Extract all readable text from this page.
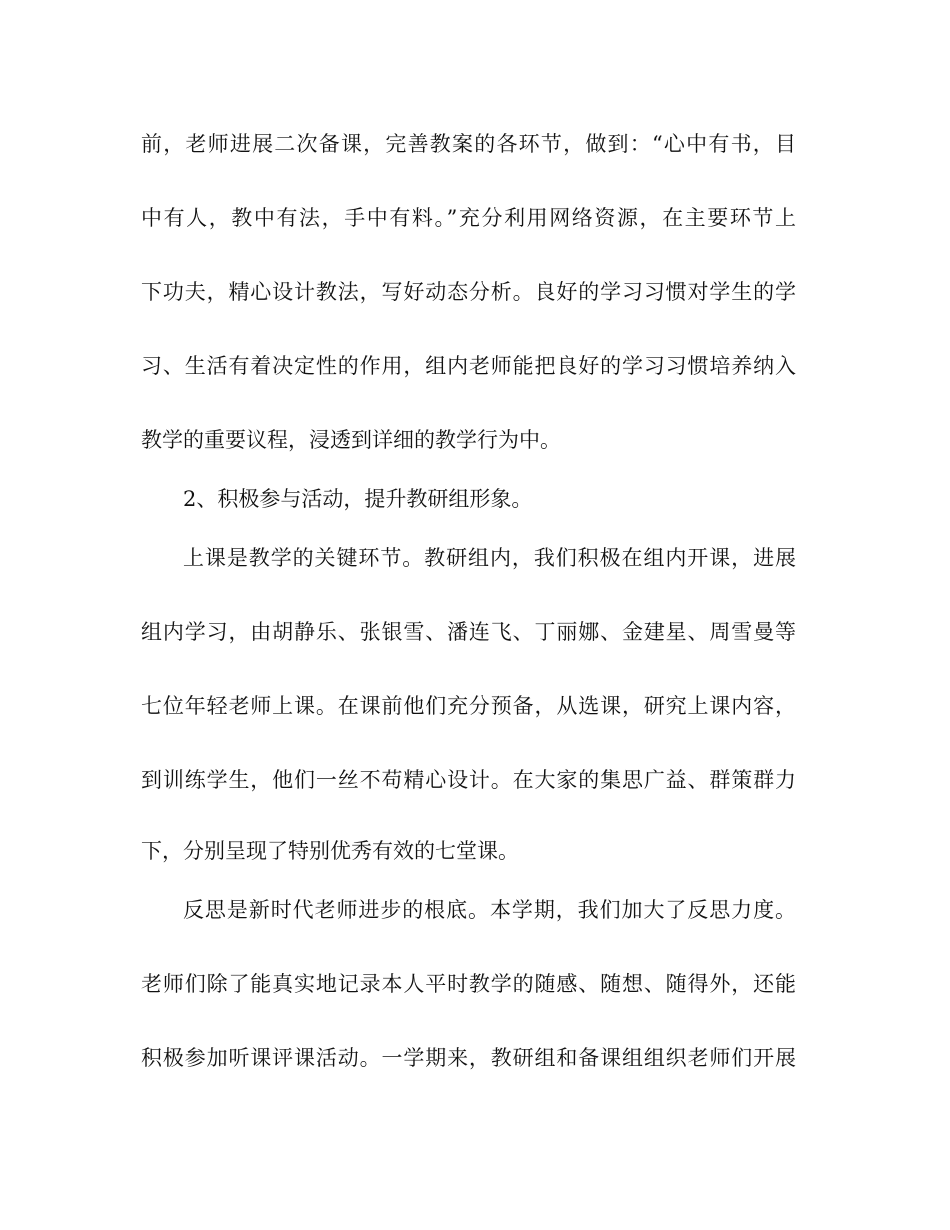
前，老师进展二次备课，完善教案的各环节，做到：“心中有书，目
中有人，教中有法，手中有料。”充分利用网络资源，在主要环节上
下功夫，精心设计教法，写好动态分析。良好的学习习惯对学生的学
习、生活有着决定性的作用，组内老师能把良好的学习习惯培养纳入
教学的重要议程，浸透到详细的教学行为中。
2、积极参与活动，提升教研组形象。
上课是教学的关键环节。教研组内，我们积极在组内开课，进展
组内学习，由胡静乐、张银雪、潘连飞、丁丽娜、金建星、周雪曼等
七位年轻老师上课。在课前他们充分预备，从选课，研究上课内容，
到训练学生，他们一丝不苟精心设计。在大家的集思广益、群策群力
下，分别呈现了特别优秀有效的七堂课。
反思是新时代老师进步的根底。本学期，我们加大了反思力度。
老师们除了能真实地记录本人平时教学的随感、随想、随得外，还能
积极参加听课评课活动。一学期来，教研组和备课组组织老师们开展
